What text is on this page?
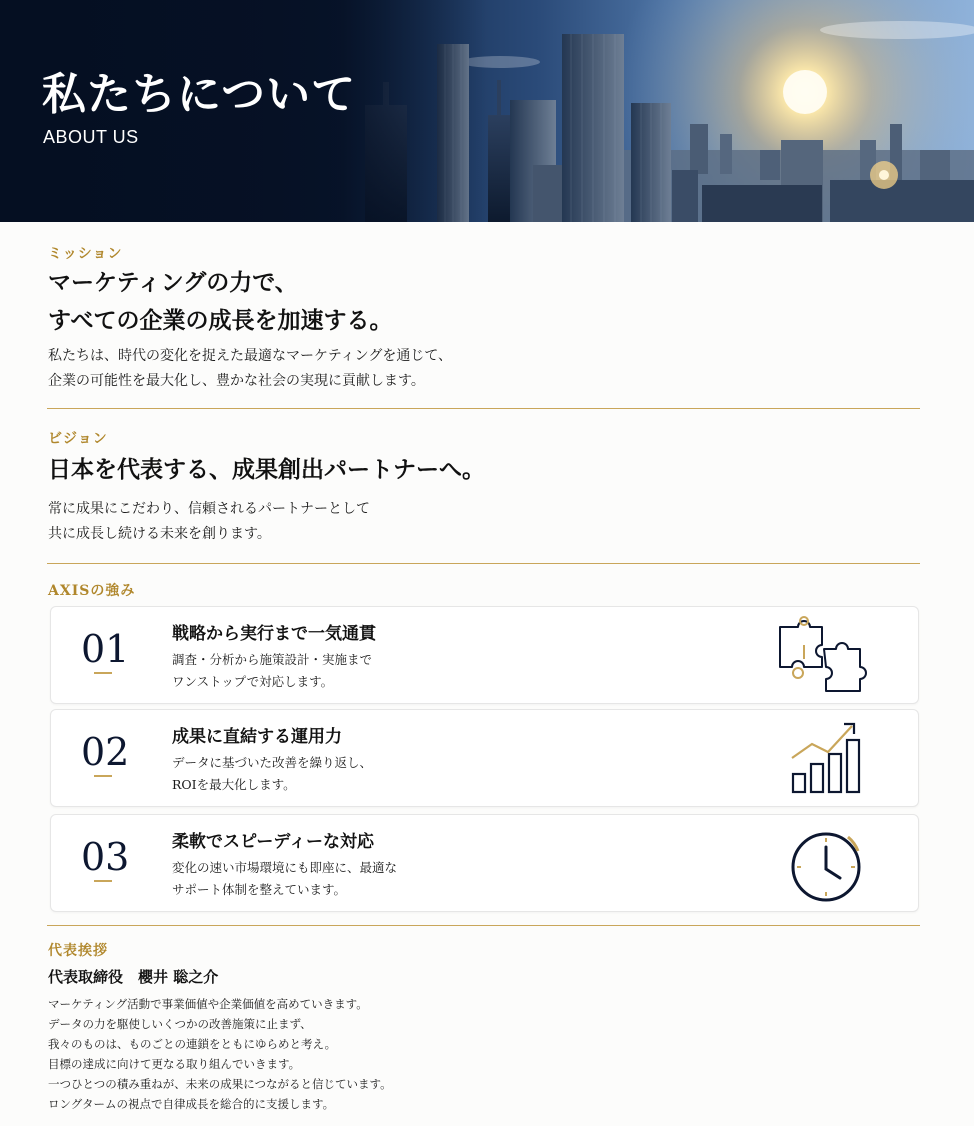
私たちについて
ABOUT US
ミッション
マーケティングの力で、
すべての企業の成長を加速する。
私たちは、時代の変化を捉えた最適なマーケティングを通じて、
企業の可能性を最大化し、豊かな社会の実現に貢献します。
ビジョン
日本を代表する、成果創出パートナーへ。
常に成果にこだわり、信頼されるパートナーとして
共に成長し続ける未来を創ります。
AXISの強み
01	戦略から実行まで一気通貫
調査・分析から施策設計・実施まで
ワンストップで対応します。
02	成果に直結する運用力
データに基づいた改善を繰り返し、
ROIを最大化します。
03	柔軟でスピーディーな対応
変化の速い市場環境にも即座に、最適な
サポート体制を整えています。
代表挨拶
代表取締役　櫻井 聡之介
マーケティング活動で事業価値や企業価値を高めていきます。
データの力を駆使しいくつかの改善施策に止まず、
我々のものは、ものごとの連鎖をともにゆらめと考え。
目標の達成に向けて更なる取り組んでいきます。
一つひとつの積み重ねが、未来の成果につながると信じています。
ロングタームの視点で自律成長を総合的に支援します。
